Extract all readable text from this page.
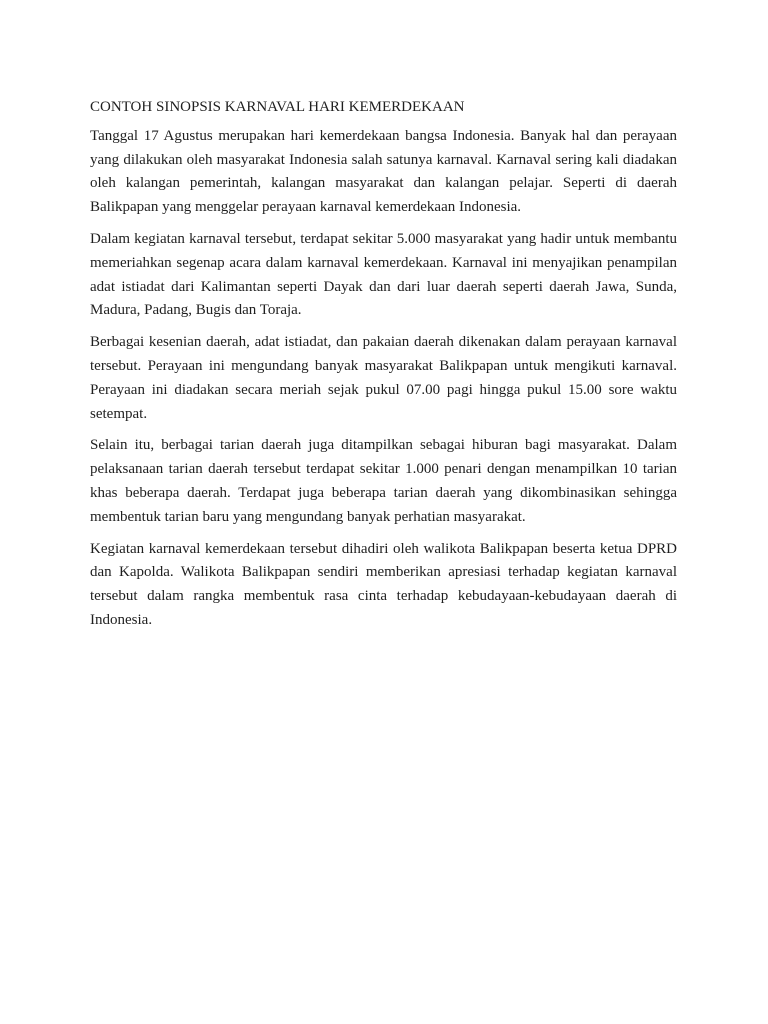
CONTOH SINOPSIS KARNAVAL HARI KEMERDEKAAN

Tanggal 17 Agustus merupakan hari kemerdekaan bangsa Indonesia. Banyak hal dan perayaan yang dilakukan oleh masyarakat Indonesia salah satunya karnaval. Karnaval sering kali diadakan oleh kalangan pemerintah, kalangan masyarakat dan kalangan pelajar. Seperti di daerah Balikpapan yang menggelar perayaan karnaval kemerdekaan Indonesia.

Dalam kegiatan karnaval tersebut, terdapat sekitar 5.000 masyarakat yang hadir untuk membantu memeriahkan segenap acara dalam karnaval kemerdekaan. Karnaval ini menyajikan penampilan adat istiadat dari Kalimantan seperti Dayak dan dari luar daerah seperti daerah Jawa, Sunda, Madura, Padang, Bugis dan Toraja.

Berbagai kesenian daerah, adat istiadat, dan pakaian daerah dikenakan dalam perayaan karnaval tersebut. Perayaan ini mengundang banyak masyarakat Balikpapan untuk mengikuti karnaval. Perayaan ini diadakan secara meriah sejak pukul 07.00 pagi hingga pukul 15.00 sore waktu setempat.

Selain itu, berbagai tarian daerah juga ditampilkan sebagai hiburan bagi masyarakat. Dalam pelaksanaan tarian daerah tersebut terdapat sekitar 1.000 penari dengan menampilkan 10 tarian khas beberapa daerah. Terdapat juga beberapa tarian daerah yang dikombinasikan sehingga membentuk tarian baru yang mengundang banyak perhatian masyarakat.

Kegiatan karnaval kemerdekaan tersebut dihadiri oleh walikota Balikpapan beserta ketua DPRD dan Kapolda. Walikota Balikpapan sendiri memberikan apresiasi terhadap kegiatan karnaval tersebut dalam rangka membentuk rasa cinta terhadap kebudayaan-kebudayaan daerah di Indonesia.
